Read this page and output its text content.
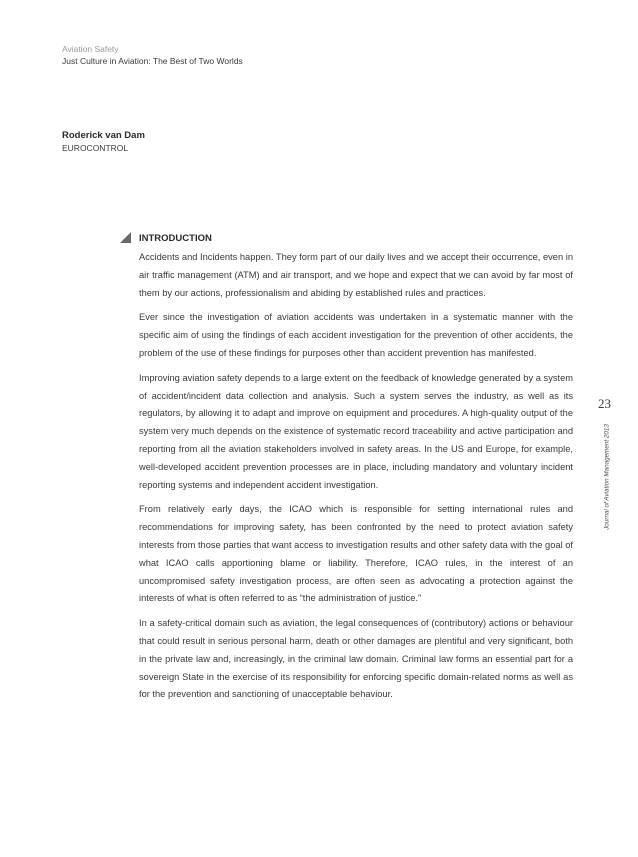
Aviation Safety
Just Culture in Aviation: The Best of Two Worlds
Roderick van Dam
EUROCONTROL
INTRODUCTION

Accidents and Incidents happen. They form part of our daily lives and we accept their occurrence, even in air traffic management (ATM) and air transport, and we hope and expect that we can avoid by far most of them by our actions, professionalism and abiding by established rules and practices.

Ever since the investigation of aviation accidents was undertaken in a systematic manner with the specific aim of using the findings of each accident investigation for the prevention of other accidents, the problem of the use of these findings for purposes other than accident prevention has manifested.

Improving aviation safety depends to a large extent on the feedback of knowledge generated by a system of accident/incident data collection and analysis. Such a system serves the industry, as well as its regulators, by allowing it to adapt and improve on equipment and procedures. A high-quality output of the system very much depends on the existence of systematic record traceability and active participation and reporting from all the aviation stakeholders involved in safety areas. In the US and Europe, for example, well-developed accident prevention processes are in place, including mandatory and voluntary incident reporting systems and independent accident investigation.

From relatively early days, the ICAO which is responsible for setting international rules and recommendations for improving safety, has been confronted by the need to protect aviation safety interests from those parties that want access to investigation results and other safety data with the goal of what ICAO calls apportioning blame or liability. Therefore, ICAO rules, in the interest of an uncompromised safety investigation process, are often seen as advocating a protection against the interests of what is often referred to as “the administration of justice.”

In a safety-critical domain such as aviation, the legal consequences of (contributory) actions or behaviour that could result in serious personal harm, death or other damages are plentiful and very significant, both in the private law and, increasingly, in the criminal law domain. Criminal law forms an essential part for a sovereign State in the exercise of its responsibility for enforcing specific domain-related norms as well as for the prevention and sanctioning of unacceptable behaviour.

23
Journal of Aviation Management 2013
